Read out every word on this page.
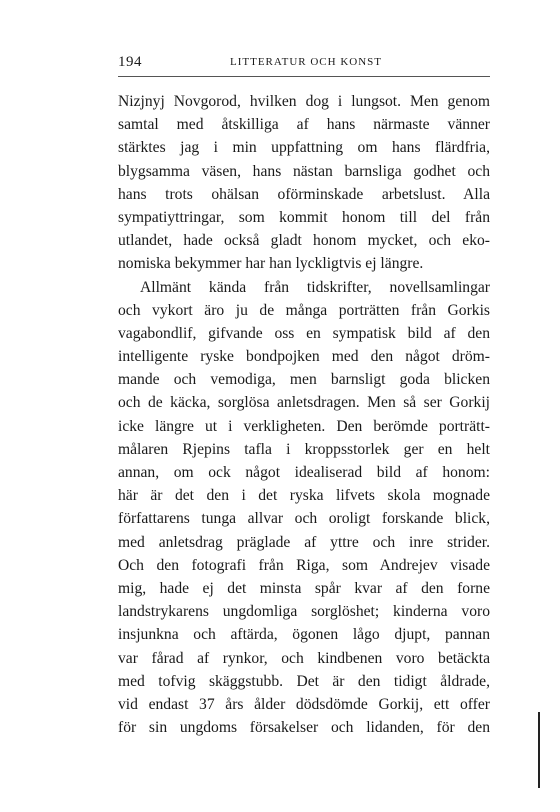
194	LITTERATUR OCH KONST
Nizjnyj Novgorod, hvilken dog i lungsot. Men genom
samtal med åtskilliga af hans närmaste vänner
stärktes jag i min uppfattning om hans flärdfria,
blygsamma väsen, hans nästan barnsliga godhet och
hans trots ohälsan oförminskade arbetslust. Alla
sympatiyttringar, som kommit honom till del från
utlandet, hade också gladt honom mycket, och eko-
nomiska bekymmer har han lyckligtvis ej längre.
Allmänt kända från tidskrifter, novellsamlingar
och vykort äro ju de många porträtten från Gorkis
vagabondlif, gifvande oss en sympatisk bild af den
intelligente ryske bondpojken med den något dröm-
mande och vemodiga, men barnsligt goda blicken
och de käcka, sorglösa anletsdragen. Men så ser Gorkij
icke längre ut i verkligheten. Den berömde porträtt-
målaren Rjepins tafla i kroppsstorlek ger en helt
annan, om ock något idealiserad bild af honom:
här är det den i det ryska lifvets skola mognade
författarens tunga allvar och oroligt forskande blick,
med anletsdrag präglade af yttre och inre strider.
Och den fotografi från Riga, som Andrejev visade
mig, hade ej det minsta spår kvar af den forne
landstrykarens ungdomliga sorglöshet; kinderna voro
insjunkna och aftärda, ögonen lågo djupt, pannan
var fårad af rynkor, och kindbenen voro betäckta
med tofvig skäggstubb. Det är den tidigt åldrade,
vid endast 37 års ålder dödsdömde Gorkij, ett offer
för sin ungdoms försakelser och lidanden, för den
